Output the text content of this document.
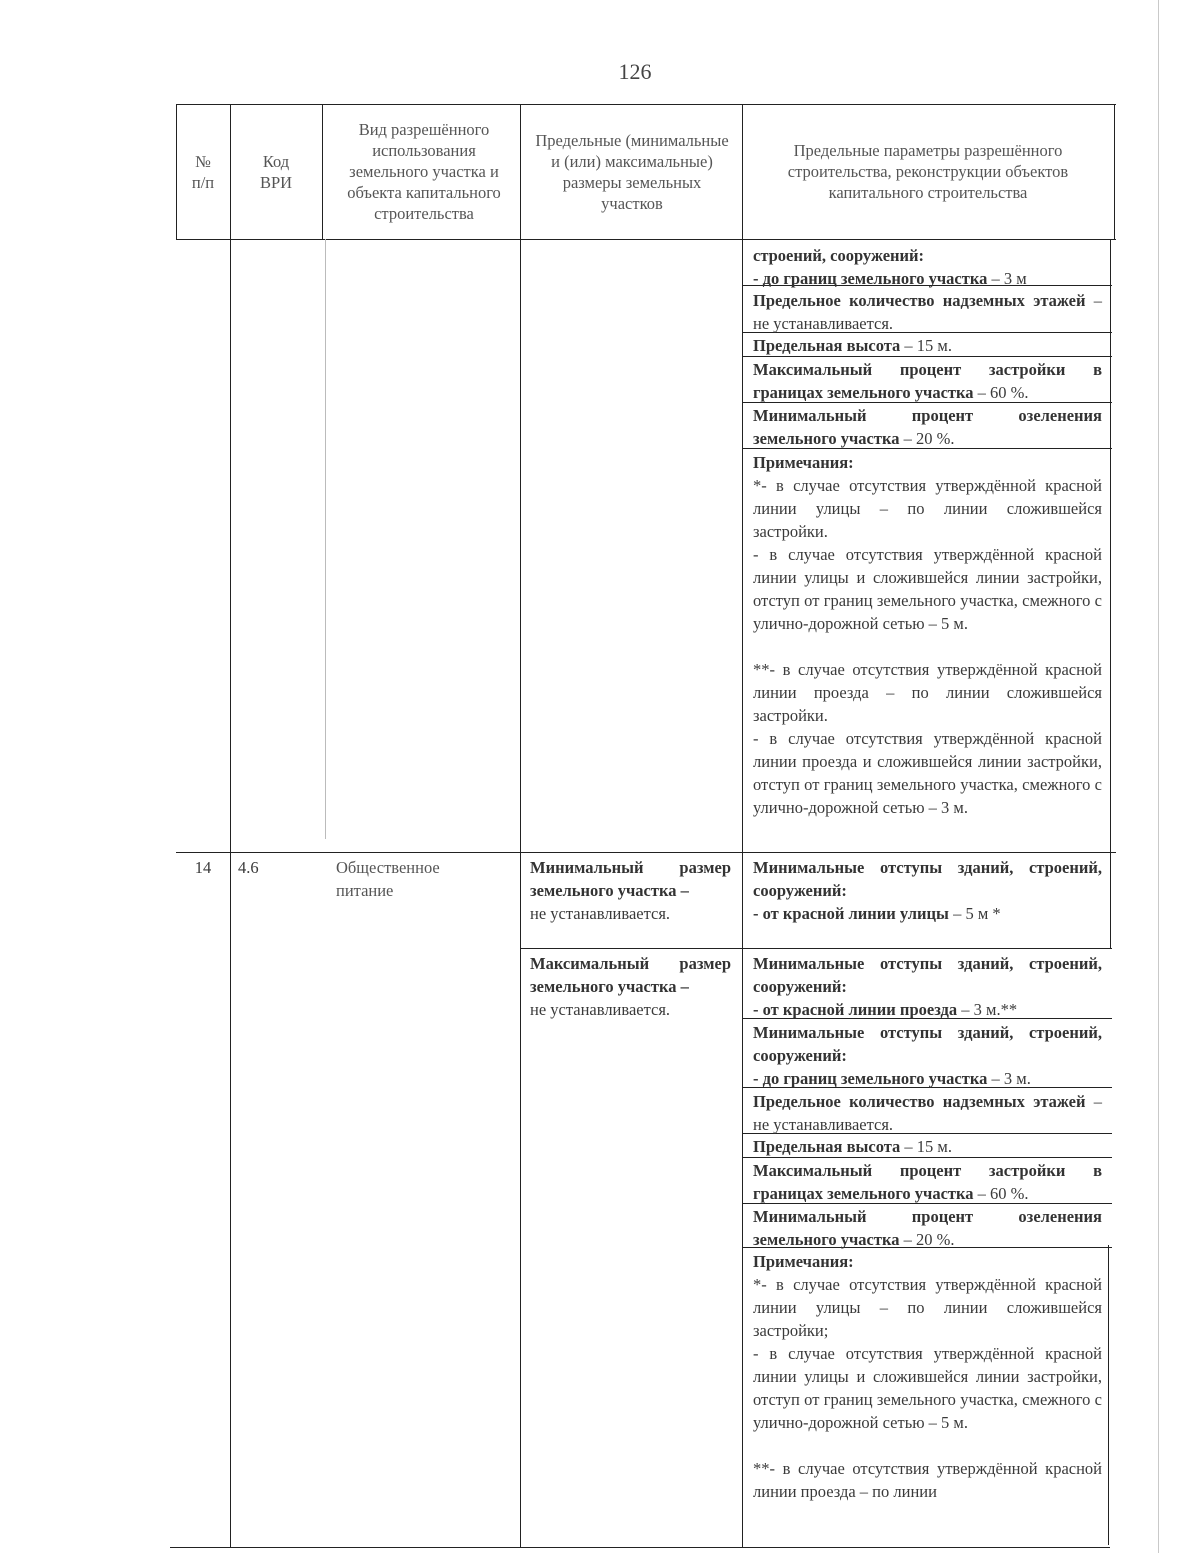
126
№
п/п
Код
ВРИ
Вид разрешённого использования земельного участка и объекта капитального строительства
Предельные (минимальные и (или) максимальные) размеры земельных участков
Предельные параметры разрешённого строительства, реконструкции объектов капитального строительства
строений, сооружений:
- до границ земельного участка – 3 м
Предельное количество надземных этажей – не устанавливается.
Предельная высота – 15 м.
Максимальный процент застройки в границах земельного участка – 60 %.
Минимальный процент озеленения земельного участка – 20 %.
Примечания:
*- в случае отсутствия утверждённой красной линии улицы – по линии сложившейся застройки.
- в случае отсутствия утверждённой красной линии улицы и сложившейся линии застройки, отступ от границ земельного участка, смежного с улично-дорожной сетью – 5 м.
**- в случае отсутствия утверждённой красной линии проезда – по линии сложившейся застройки.
- в случае отсутствия утверждённой красной линии проезда и сложившейся линии застройки, отступ от границ земельного участка, смежного с улично-дорожной сетью – 3 м.
14	4.6	Общественное питание
Минимальный размер земельного участка –
не устанавливается.
Максимальный размер земельного участка –
не устанавливается.
Минимальные отступы зданий, строений, сооружений:
- от красной линии улицы – 5 м *
Минимальные отступы зданий, строений, сооружений:
- от красной линии проезда – 3 м.**
Минимальные отступы зданий, строений, сооружений:
- до границ земельного участка – 3 м.
Предельное количество надземных этажей – не устанавливается.
Предельная высота – 15 м.
Максимальный процент застройки в границах земельного участка – 60 %.
Минимальный процент озеленения земельного участка – 20 %.
Примечания:
*- в случае отсутствия утверждённой красной линии улицы – по линии сложившейся застройки;
- в случае отсутствия утверждённой красной линии улицы и сложившейся линии застройки, отступ от границ земельного участка, смежного с улично-дорожной сетью – 5 м.
**- в случае отсутствия утверждённой красной линии проезда – по линии
